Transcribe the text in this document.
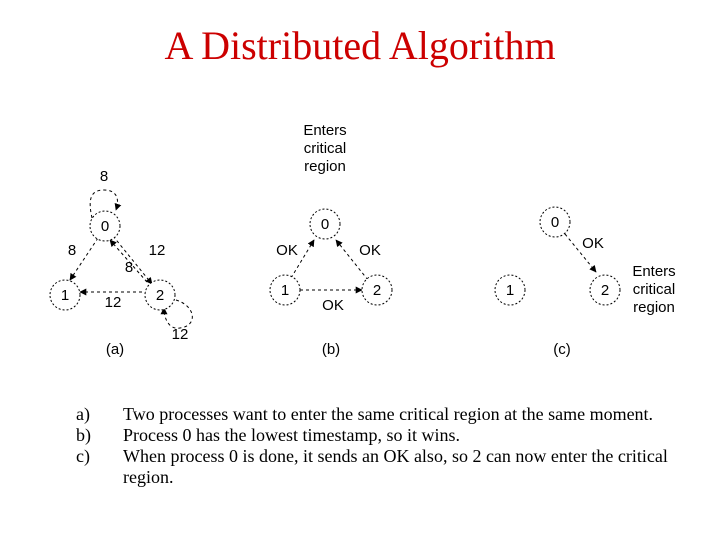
A Distributed Algorithm
0
1	2
8
8	12
8
12
12
(a)
Enters
critical
region
0
1	2
OK	OK
OK
(b)
0
1	2
OK
Enters
critical
region
(c)
a)	Two processes want to enter the same critical region at the same moment.
b)	Process 0 has the lowest timestamp, so it wins.
c)	When process 0 is done, it sends an OK also, so 2 can now enter the critical region.
